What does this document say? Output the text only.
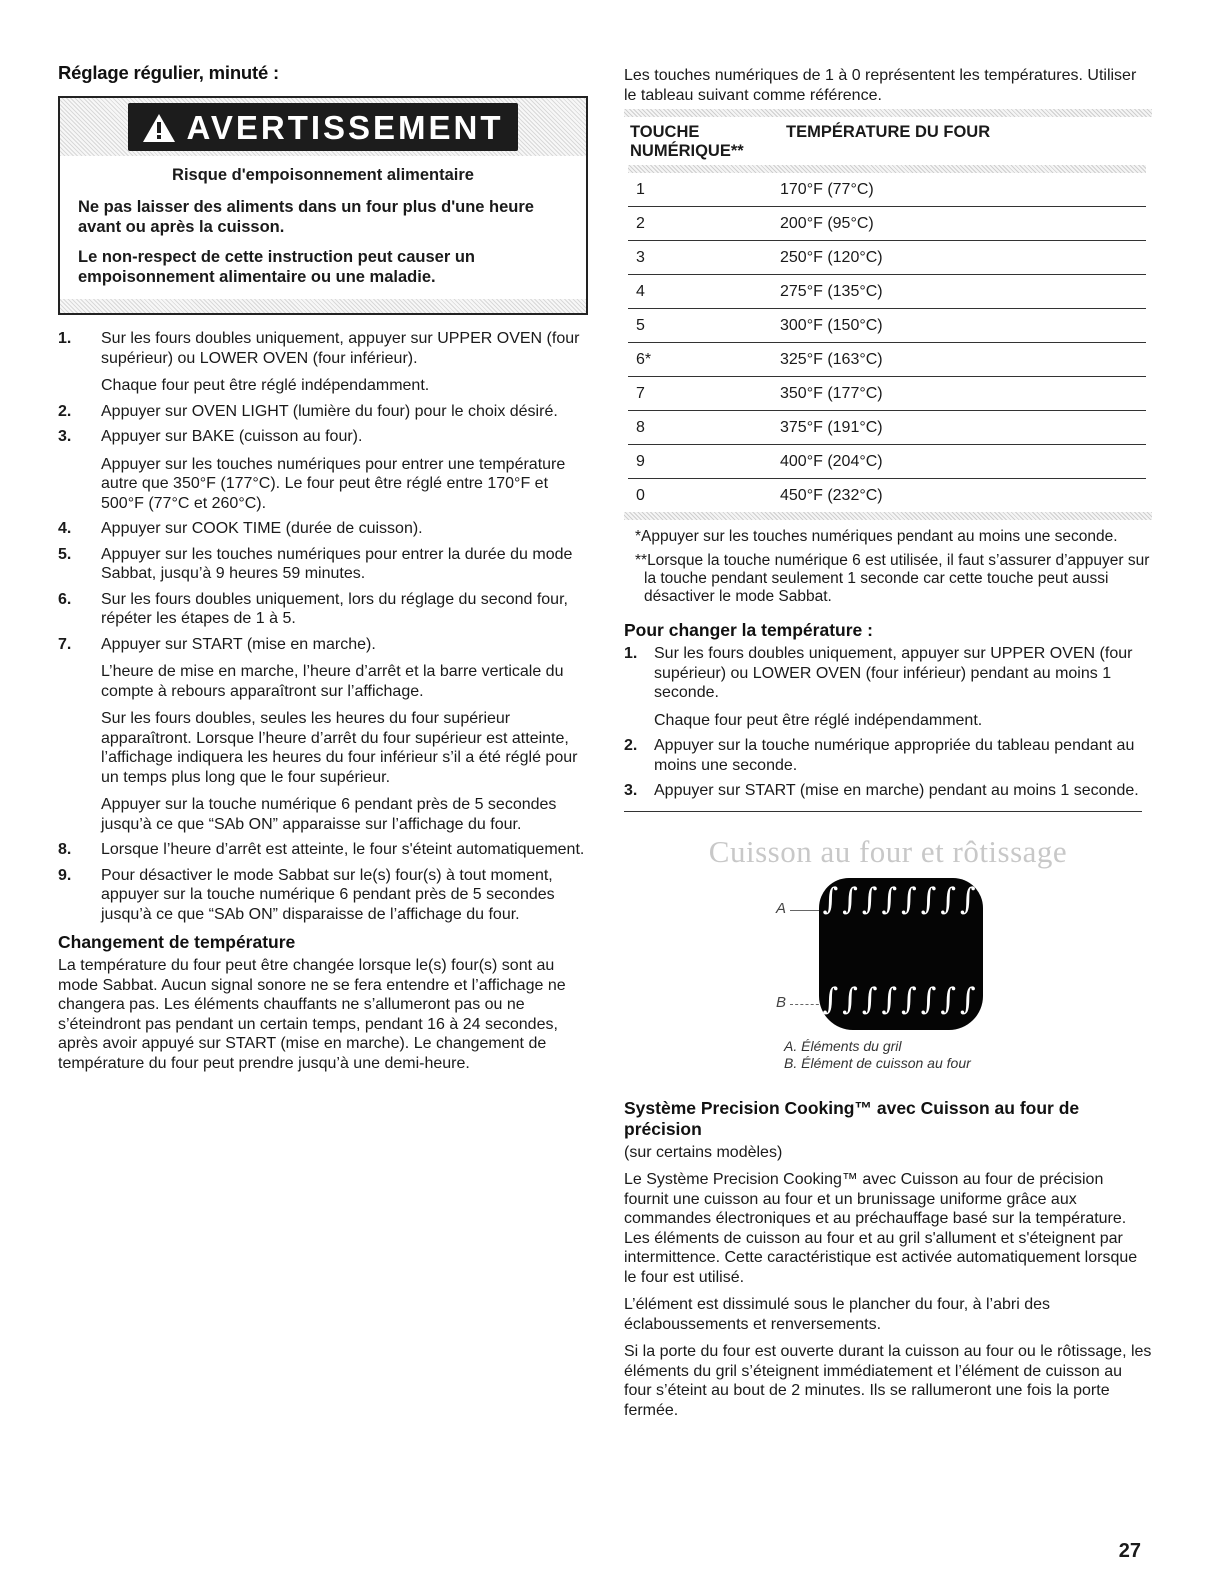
Réglage régulier, minuté :
AVERTISSEMENT
Risque d'empoisonnement alimentaire
Ne pas laisser des aliments dans un four plus d'une heure avant ou après la cuisson.
Le non-respect de cette instruction peut causer un empoisonnement alimentaire ou une maladie.
1. Sur les fours doubles uniquement, appuyer sur UPPER OVEN (four supérieur) ou LOWER OVEN (four inférieur).

Chaque four peut être réglé indépendamment.

2. Appuyer sur OVEN LIGHT (lumière du four) pour le choix désiré.

3. Appuyer sur BAKE (cuisson au four).

Appuyer sur les touches numériques pour entrer une température autre que 350°F (177°C). Le four peut être réglé entre 170°F et 500°F (77°C et 260°C).

4. Appuyer sur COOK TIME (durée de cuisson).

5. Appuyer sur les touches numériques pour entrer la durée du mode Sabbat, jusqu’à 9 heures 59 minutes.

6. Sur les fours doubles uniquement, lors du réglage du second four, répéter les étapes de 1 à 5.

7. Appuyer sur START (mise en marche).

L’heure de mise en marche, l’heure d’arrêt et la barre verticale du compte à rebours apparaîtront sur l’affichage.

Sur les fours doubles, seules les heures du four supérieur apparaîtront. Lorsque l’heure d’arrêt du four supérieur est atteinte, l’affichage indiquera les heures du four inférieur s’il a été réglé pour un temps plus long que le four supérieur.

Appuyer sur la touche numérique 6 pendant près de 5 secondes jusqu’à ce que “SAb ON” apparaisse sur l’affichage du four.

8. Lorsque l’heure d’arrêt est atteinte, le four s'éteint automatiquement.

9. Pour désactiver le mode Sabbat sur le(s) four(s) à tout moment, appuyer sur la touche numérique 6 pendant près de 5 secondes jusqu’à ce que “SAb ON” disparaisse de l’affichage du four.

Changement de température

La température du four peut être changée lorsque le(s) four(s) sont au mode Sabbat. Aucun signal sonore ne se fera entendre et l’affichage ne changera pas. Les éléments chauffants ne s’allumeront pas ou ne s’éteindront pas pendant un certain temps, pendant 16 à 24 secondes, après avoir appuyé sur START (mise en marche). Le changement de température du four peut prendre jusqu’à une demi-heure.

Les touches numériques de 1 à 0 représentent les températures. Utiliser le tableau suivant comme référence.

TOUCHE NUMÉRIQUE**	TEMPÉRATURE DU FOUR

1	170°F (77°C)
2	200°F (95°C)
3	250°F (120°C)
4	275°F (135°C)
5	300°F (150°C)
6*	325°F (163°C)
7	350°F (177°C)
8	375°F (191°C)
9	400°F (204°C)
0	450°F (232°C)

*Appuyer sur les touches numériques pendant au moins une seconde.

**Lorsque la touche numérique 6 est utilisée, il faut s’assurer d’appuyer sur la touche pendant seulement 1 seconde car cette touche peut aussi désactiver le mode Sabbat.

Pour changer la température :
1. Sur les fours doubles uniquement, appuyer sur UPPER OVEN (four supérieur) ou LOWER OVEN (four inférieur) pendant au moins 1 seconde.

Chaque four peut être réglé indépendamment.

2. Appuyer sur la touche numérique appropriée du tableau pendant au moins une seconde.

3. Appuyer sur START (mise en marche) pendant au moins 1 seconde.

Cuisson au four et rôtissage
A
B
∫∫∫∫∫∫∫∫
∫∫∫∫∫∫∫∫
A. Éléments du gril
B. Élément de cuisson au four
Système Precision Cooking™ avec Cuisson au four de précision

(sur certains modèles)

Le Système Precision Cooking™ avec Cuisson au four de précision fournit une cuisson au four et un brunissage uniforme grâce aux commandes électroniques et au préchauffage basé sur la température. Les éléments de cuisson au four et au gril s'allument et s'éteignent par intermittence. Cette caractéristique est activée automatiquement lorsque le four est utilisé.

L’élément est dissimulé sous le plancher du four, à l’abri des éclaboussements et renversements.

Si la porte du four est ouverte durant la cuisson au four ou le rôtissage, les éléments du gril s’éteignent immédiatement et l’élément de cuisson au four s’éteint au bout de 2 minutes. Ils se rallumeront une fois la porte fermée.

27
